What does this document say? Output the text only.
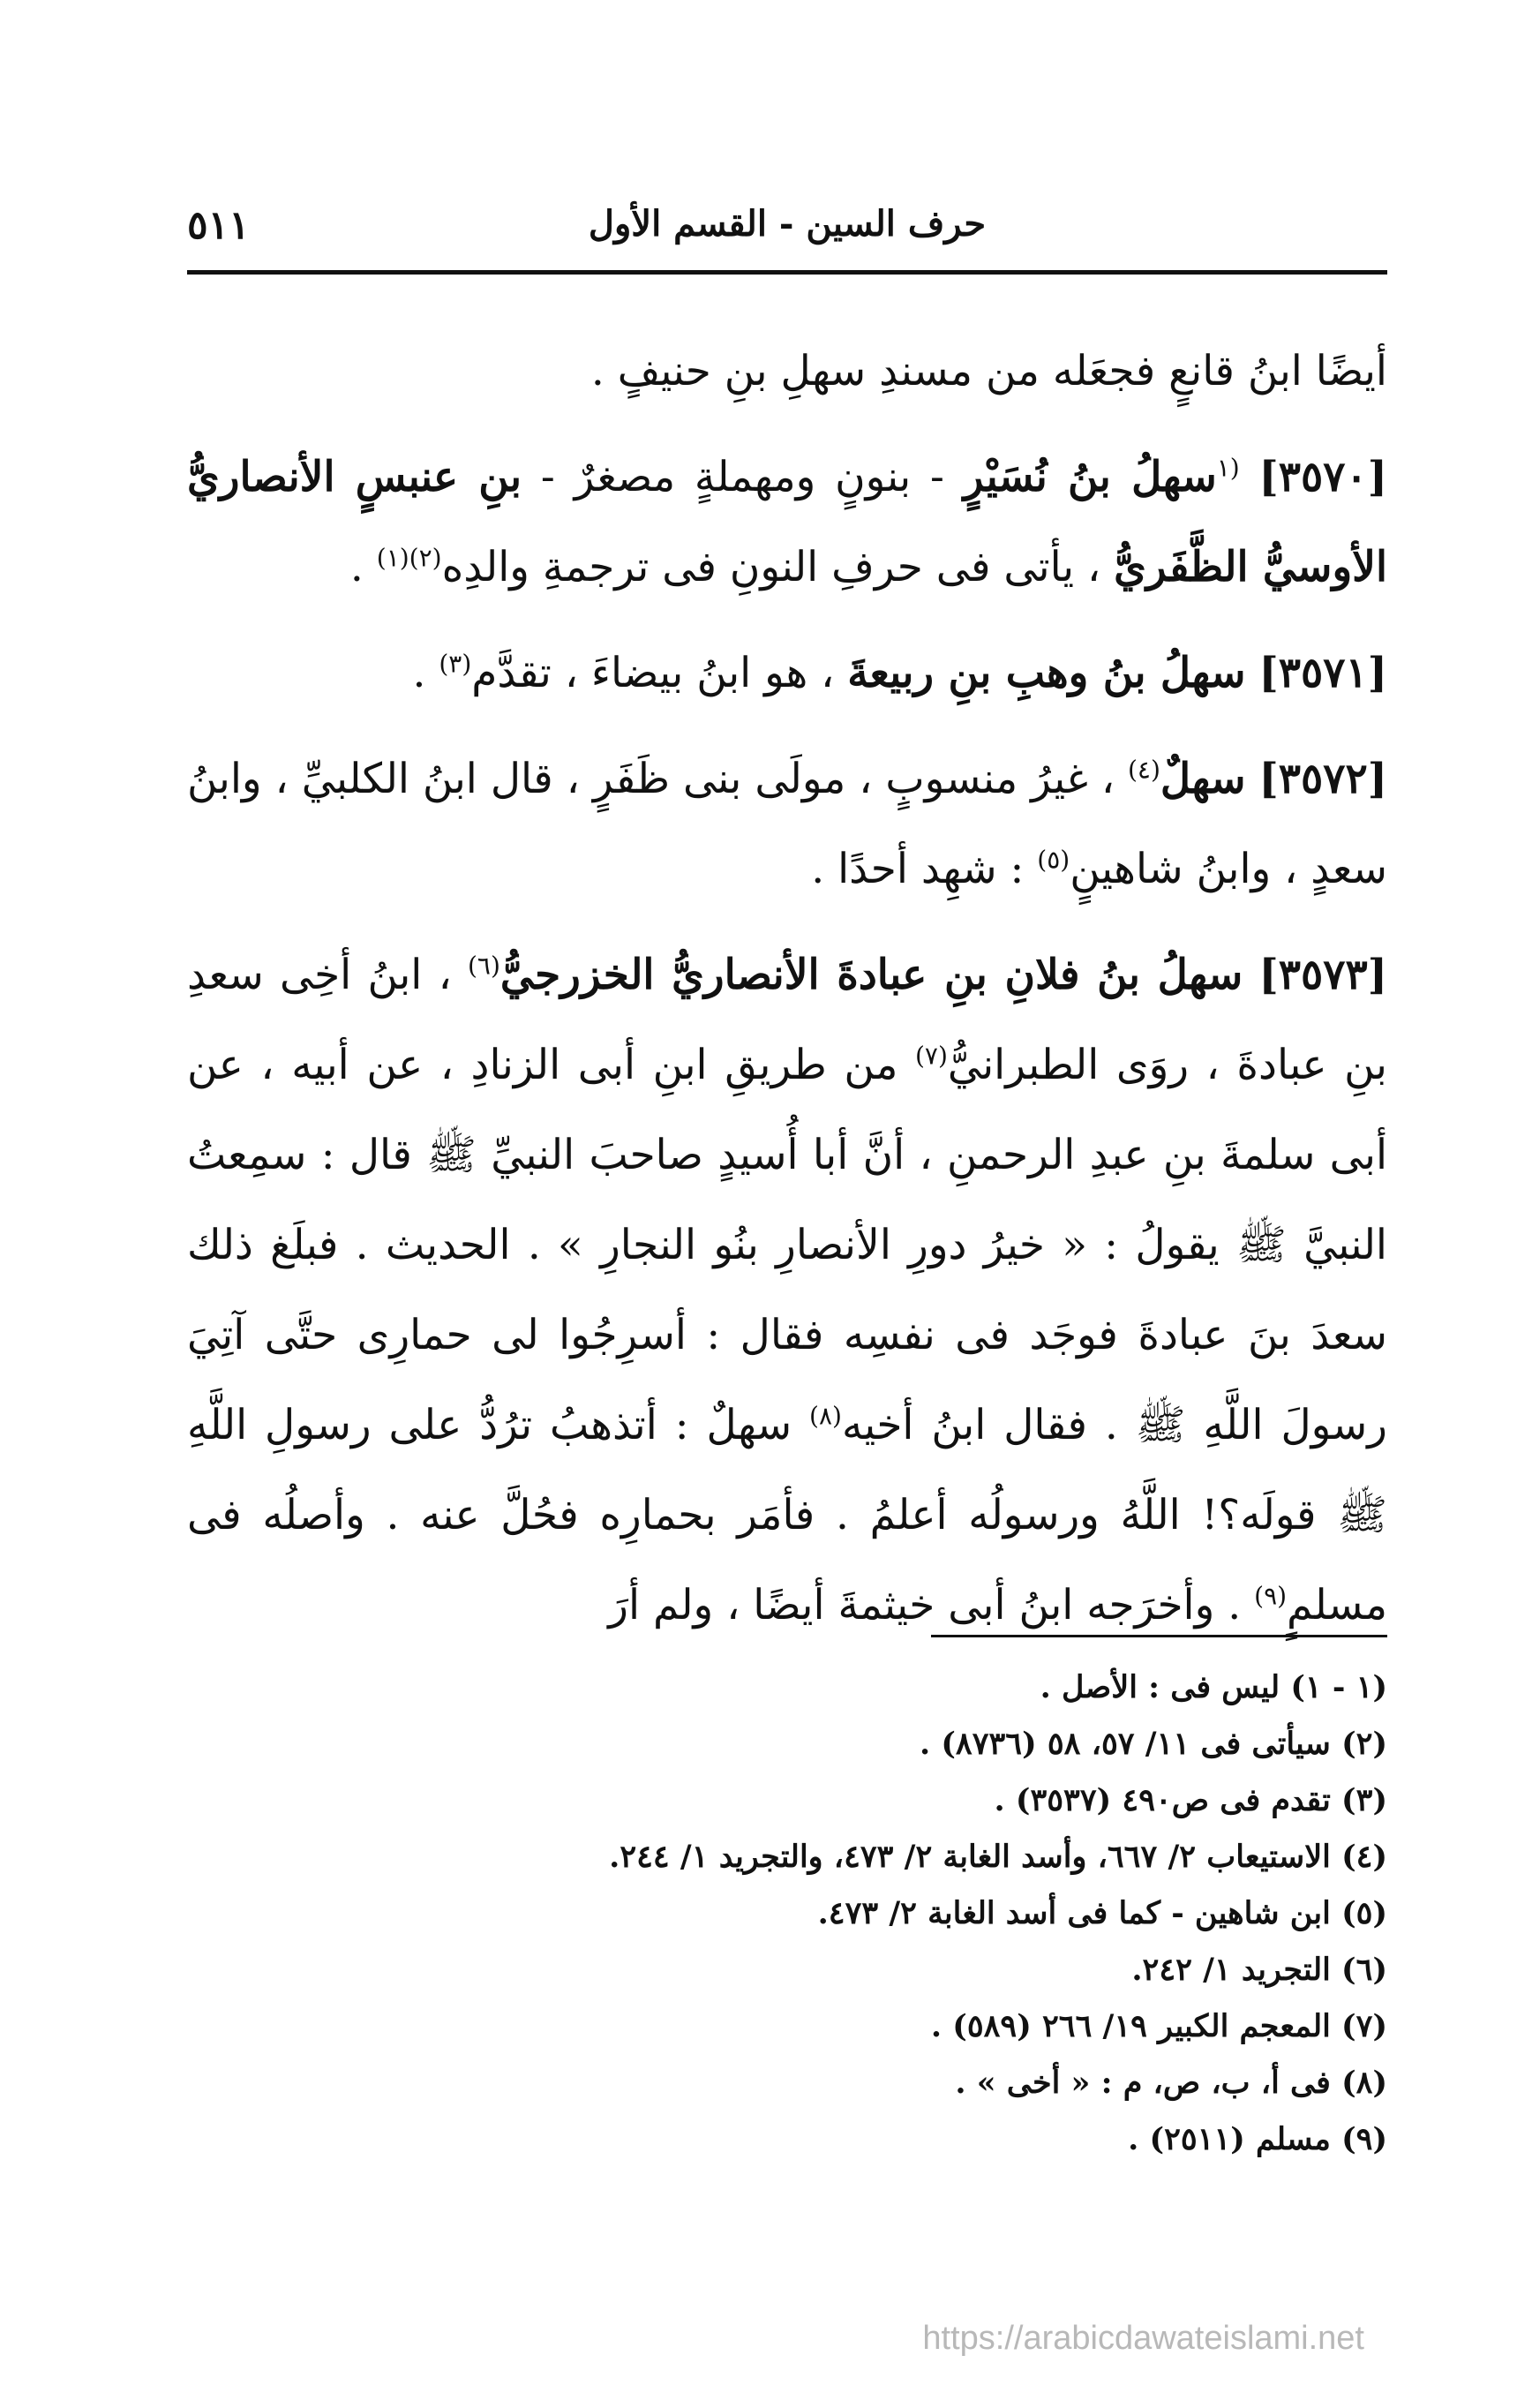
٥١١	حرف السين - القسم الأول

أيضًا ابنُ قانعٍ فجعَله من مسندِ سهلِ بنِ حنيفٍ .

[٣٥٧٠] $^{(١}$سهلُ بنُ نُسَيْرٍ - بنونٍ ومهملةٍ مصغرٌ - بنِ عنبسٍ الأنصاريُّ الأوسيُّ الظَّفَريُّ ، يأتى فى حرفِ النونِ فى ترجمةِ والدِه$^{(٢)(١)}$ .

[٣٥٧١] سهلُ بنُ وهبِ بنِ ربيعةَ ، هو ابنُ بيضاءَ ، تقدَّم$^{(٣)}$ .

[٣٥٧٢] سهلٌ$^{(٤)}$ ، غيرُ منسوبٍ ، مولَى بنى ظَفَرٍ ، قال ابنُ الكلبيِّ ، وابنُ سعدٍ ، وابنُ شاهينٍ$^{(٥)}$ : شهِد أحدًا .

[٣٥٧٣] سهلُ بنُ فلانِ بنِ عبادةَ الأنصاريُّ الخزرجيُّ$^{(٦)}$ ، ابنُ أخِى سعدِ بنِ عبادةَ ، روَى الطبرانيُّ$^{(٧)}$ من طريقِ ابنِ أبى الزنادِ ، عن أبيه ، عن أبى سلمةَ بنِ عبدِ الرحمنِ ، أنَّ أبا أُسيدٍ صاحبَ النبيِّ ﷺ قال : سمِعتُ النبيَّ ﷺ يقولُ : « خيرُ دورِ الأنصارِ بنُو النجارِ » . الحديث . فبلَغ ذلك سعدَ بنَ عبادةَ فوجَد فى نفسِه فقال : أسرِجُوا لى حمارِى حتَّى آتِيَ رسولَ اللَّهِ ﷺ . فقال ابنُ أخيه$^{(٨)}$ سهلٌ : أتذهبُ ترُدُّ على رسولِ اللَّهِ ﷺ قولَه؟! اللَّهُ ورسولُه أعلمُ . فأمَر بحمارِه فحُلَّ عنه . وأصلُه فى مسلمٍ$^{(٩)}$ . وأخرَجه ابنُ أبى خيثمةَ أيضًا ، ولم أرَ

(١ - ١) ليس فى : الأصل .
(٢) سيأتى فى ١١/ ٥٧، ٥٨ (٨٧٣٦) .
(٣) تقدم فى ص٤٩٠ (٣٥٣٧) .
(٤) الاستيعاب ٢/ ٦٦٧، وأسد الغابة ٢/ ٤٧٣، والتجريد ١/ ٢٤٤.
(٥) ابن شاهين - كما فى أسد الغابة ٢/ ٤٧٣.
(٦) التجريد ١/ ٢٤٢.
(٧) المعجم الكبير ١٩/ ٢٦٦ (٥٨٩) .
(٨) فى أ، ب، ص، م : « أخى » .
(٩) مسلم (٢٥١١) .
https://arabicdawateislami.net
